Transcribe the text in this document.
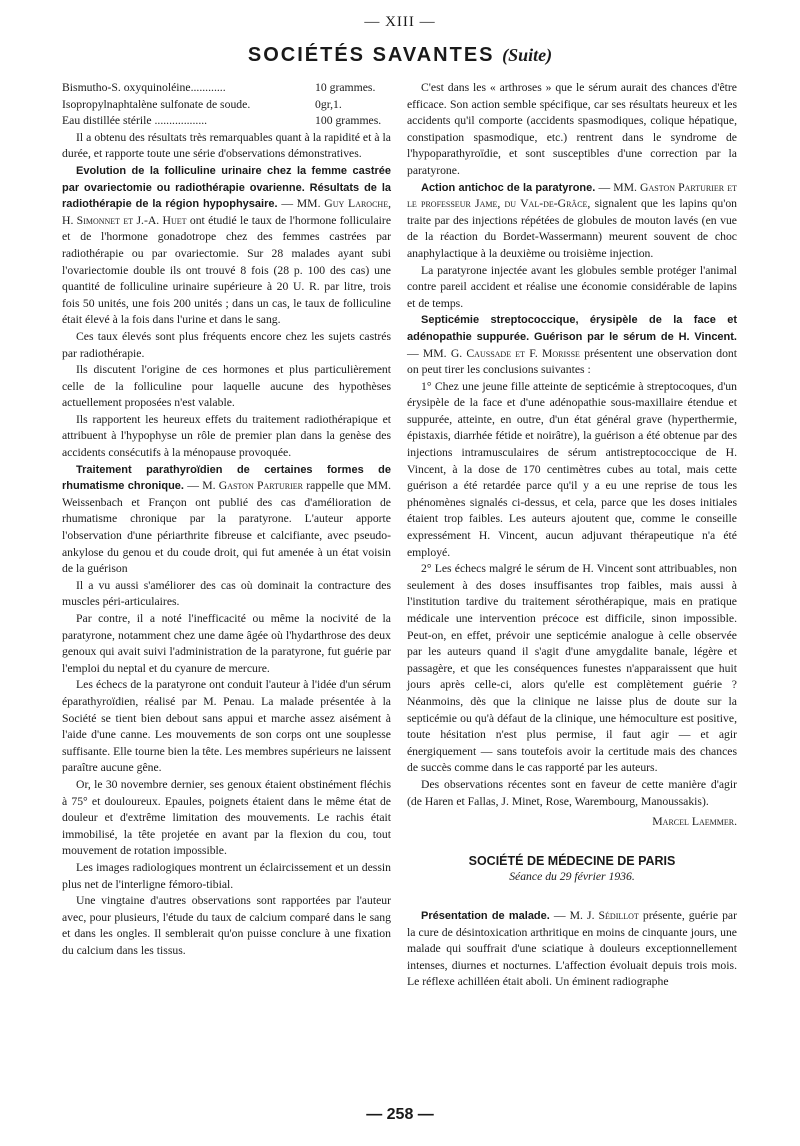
— XIII —
SOCIÉTÉS SAVANTES (Suite)
Bismutho-S. oxyquinoléine............	10 grammes.
Isopropylnaphtalène sulfonate de soude.	0gr,1.
Eau distillée stérile ..................	100 grammes.

Il a obtenu des résultats très remarquables quant à la rapidité et à la durée, et rapporte toute une série d'observations démonstratives.

Evolution de la folliculine urinaire chez la femme castrée par ovariectomie ou radiothérapie ovarienne. Résultats de la radiothérapie de la région hypophysaire. — MM. Guy Laroche, H. Simonnet et J.-A. Huet ont étudié le taux de l'hormone folliculaire et de l'hormone gonadotrope chez des femmes castrées par radiothérapie ou par ovariectomie. Sur 28 malades ayant subi l'ovariectomie double ils ont trouvé 8 fois (28 p. 100 des cas) une quantité de folliculine urinaire supérieure à 20 U. R. par litre, trois fois 50 unités, une fois 200 unités ; dans un cas, le taux de folliculine était élevé à la fois dans l'urine et dans le sang.

Ces taux élevés sont plus fréquents encore chez les sujets castrés par radiothérapie.

Ils discutent l'origine de ces hormones et plus particulièrement celle de la folliculine pour laquelle aucune des hypothèses actuellement proposées n'est valable.

Ils rapportent les heureux effets du traitement radiothérapique et attribuent à l'hypophyse un rôle de premier plan dans la genèse des accidents consécutifs à la ménopause provoquée.

Traitement parathyroïdien de certaines formes de rhumatisme chronique. — M. Gaston Parturier rappelle que MM. Weissenbach et Françon ont publié des cas d'amélioration de rhumatisme chronique par la paratyrone. L'auteur apporte l'observation d'une périarthrite fibreuse et calcifiante, avec pseudo-ankylose du genou et du coude droit, qui fut amenée à un état voisin de la guérison

Il a vu aussi s'améliorer des cas où dominait la contracture des muscles péri-articulaires.

Par contre, il a noté l'inefficacité ou même la nocivité de la paratyrone, notamment chez une dame âgée où l'hydarthrose des deux genoux qui avait suivi l'administration de la paratyrone, fut guérie par l'emploi du neptal et du cyanure de mercure.

Les échecs de la paratyrone ont conduit l'auteur à l'idée d'un sérum éparathyroïdien, réalisé par M. Penau. La malade présentée à la Société se tient bien debout sans appui et marche assez aisément à l'aide d'une canne. Les mouvements de son corps ont une souplesse suffisante. Elle tourne bien la tête. Les membres supérieurs ne laissent paraître aucune gêne.

Or, le 30 novembre dernier, ses genoux étaient obstinément fléchis à 75° et douloureux. Epaules, poignets étaient dans le même état de douleur et d'extrême limitation des mouvements. Le rachis était immobilisé, la tête projetée en avant par la flexion du cou, tout mouvement de rotation impossible.

Les images radiologiques montrent un éclaircissement et un dessin plus net de l'interligne fémoro-tibial.

Une vingtaine d'autres observations sont rapportées par l'auteur avec, pour plusieurs, l'étude du taux de calcium comparé dans le sang et dans les ongles. Il semblerait qu'on puisse conclure à une fixation du calcium dans les tissus.

C'est dans les « arthroses » que le sérum aurait des chances d'être efficace. Son action semble spécifique, car ses résultats heureux et les accidents qu'il comporte (accidents spasmodiques, colique hépatique, constipation spasmodique, etc.) rentrent dans le syndrome de l'hypoparathyroïdie, et sont susceptibles d'une correction par la paratyrone.

Action antichoc de la paratyrone. — MM. Gaston Parturier et le professeur Jame, du Val-de-Grâce, signalent que les lapins qu'on traite par des injections répétées de globules de mouton lavés (en vue de la réaction du Bordet-Wassermann) meurent souvent de choc anaphylactique à la deuxième ou troisième injection.

La paratyrone injectée avant les globules semble protéger l'animal contre pareil accident et réalise une économie considérable de lapins et de temps.

Septicémie streptococcique, érysipèle de la face et adénopathie suppurée. Guérison par le sérum de H. Vincent. — MM. G. Caussade et F. Morisse présentent une observation dont on peut tirer les conclusions suivantes :

1° Chez une jeune fille atteinte de septicémie à streptocoques, d'un érysipèle de la face et d'une adénopathie sous-maxillaire étendue et suppurée, atteinte, en outre, d'un état général grave (hyperthermie, épistaxis, diarrhée fétide et noirâtre), la guérison a été obtenue par des injections intramusculaires de sérum antistreptococcique de H. Vincent, à la dose de 170 centimètres cubes au total, mais cette guérison a été retardée parce qu'il y a eu une reprise de tous les phénomènes signalés ci-dessus, et cela, parce que les doses initiales étaient trop faibles. Les auteurs ajoutent que, comme le conseille expressément H. Vincent, aucun adjuvant thérapeutique n'a été employé.

2° Les échecs malgré le sérum de H. Vincent sont attribuables, non seulement à des doses insuffisantes trop faibles, mais aussi à l'institution tardive du traitement sérothérapique, mais en pratique médicale une intervention précoce est difficile, sinon impossible. Peut-on, en effet, prévoir une septicémie analogue à celle observée par les auteurs quand il s'agit d'une amygdalite banale, légère et passagère, et que les conséquences funestes n'apparaissent que huit jours après celle-ci, alors qu'elle est complètement guérie ? Néanmoins, dès que la clinique ne laisse plus de doute sur la septicémie ou qu'à défaut de la clinique, une hémoculture est positive, toute hésitation n'est plus permise, il faut agir — et agir énergiquement — sans toutefois avoir la certitude mais des chances de succès comme dans le cas rapporté par les auteurs.

Des observations récentes sont en faveur de cette manière d'agir (de Haren et Fallas, J. Minet, Rose, Warembourg, Manoussakis).

Marcel Laemmer.

SOCIÉTÉ DE MÉDECINE DE PARIS

Séance du 29 février 1936.

Présentation de malade. — M. J. Sédillot présente, guérie par la cure de désintoxication arthritique en moins de cinquante jours, une malade qui souffrait d'une sciatique à douleurs exceptionnellement intenses, diurnes et nocturnes. L'affection évoluait depuis trois mois. Le réflexe achilléen était aboli. Un éminent radiographe

— 258 —
